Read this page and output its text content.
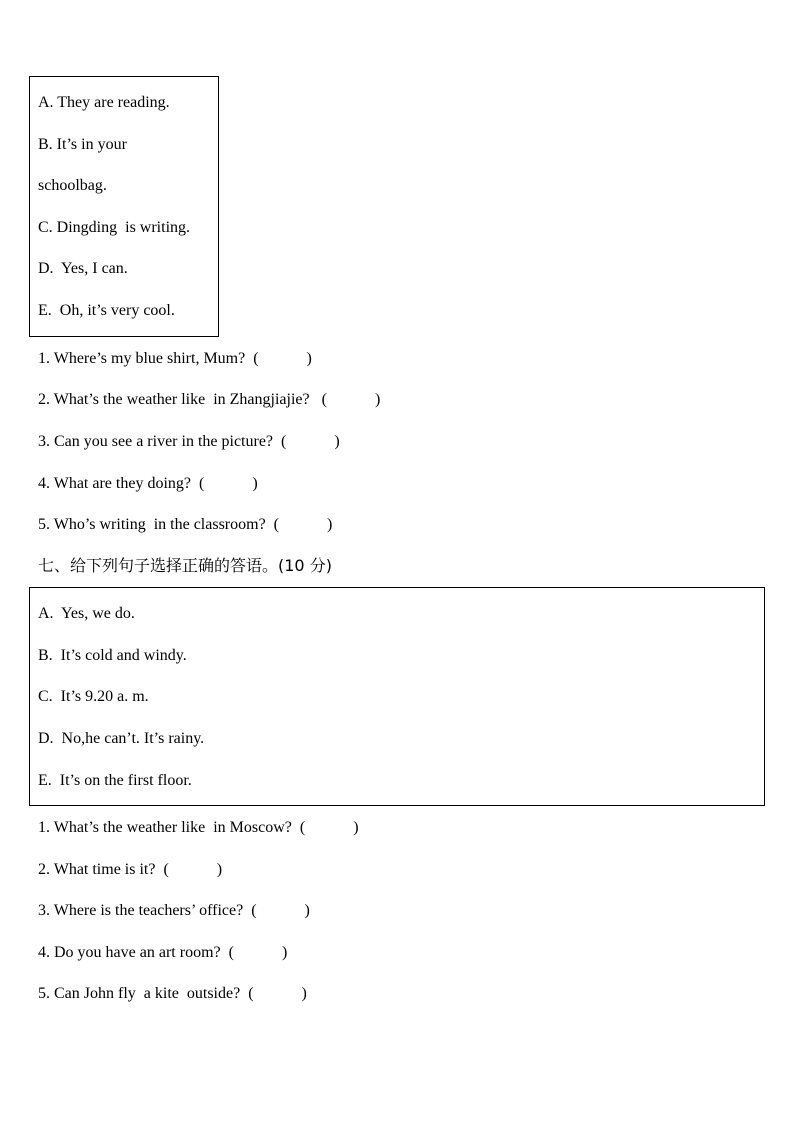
A. They are reading.
B. It’s in your
schoolbag.
C. Dingding  is writing.
D.  Yes, I can.
E.  Oh, it’s very cool.
1. Where’s my blue shirt, Mum?  (            )
2. What’s the weather like  in Zhangjiajie?   (            )
3. Can you see a river in the picture?  (            )
4. What are they doing?  (            )
5. Who’s writing  in the classroom?  (            )
七、给下列句子选择正确的答语。(10 分)
A.  Yes, we do.
B.  It’s cold and windy.
C.  It’s 9.20 a. m.
D.  No,he can’t. It’s rainy.
E.  It’s on the first floor.
1. What’s the weather like  in Moscow?  (            )
2. What time is it?  (            )
3. Where is the teachers’ office?  (            )
4. Do you have an art room?  (            )
5. Can John fly  a kite  outside?  (            )
